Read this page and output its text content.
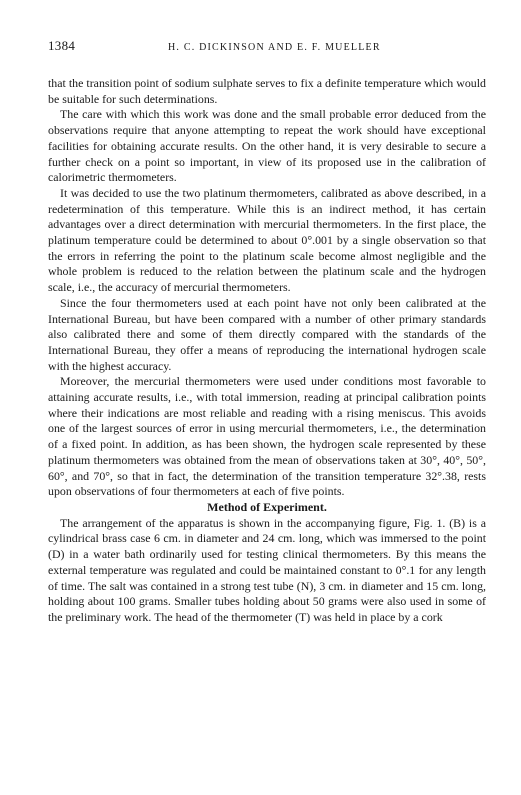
1384	H. C. DICKINSON AND E. F. MUELLER

that the transition point of sodium sulphate serves to fix a definite temperature which would be suitable for such determinations.

The care with which this work was done and the small probable error deduced from the observations require that anyone attempting to repeat the work should have exceptional facilities for obtaining accurate results. On the other hand, it is very desirable to secure a further check on a point so important, in view of its proposed use in the calibration of calorimetric thermometers.

It was decided to use the two platinum thermometers, calibrated as above described, in a redetermination of this temperature. While this is an indirect method, it has certain advantages over a direct determination with mercurial thermometers. In the first place, the platinum temperature could be determined to about 0°.001 by a single observation so that the errors in referring the point to the platinum scale become almost negligible and the whole problem is reduced to the relation between the platinum scale and the hydrogen scale, i.e., the accuracy of mercurial thermometers.

Since the four thermometers used at each point have not only been calibrated at the International Bureau, but have been compared with a number of other primary standards also calibrated there and some of them directly compared with the standards of the International Bureau, they offer a means of reproducing the international hydrogen scale with the highest accuracy.

Moreover, the mercurial thermometers were used under conditions most favorable to attaining accurate results, i.e., with total immersion, reading at principal calibration points where their indications are most reliable and reading with a rising meniscus. This avoids one of the largest sources of error in using mercurial thermometers, i.e., the determination of a fixed point. In addition, as has been shown, the hydrogen scale represented by these platinum thermometers was obtained from the mean of observations taken at 30°, 40°, 50°, 60°, and 70°, so that in fact, the determination of the transition temperature 32°.38, rests upon observations of four thermometers at each of five points.

Method of Experiment.

The arrangement of the apparatus is shown in the accompanying figure, Fig. 1. (B) is a cylindrical brass case 6 cm. in diameter and 24 cm. long, which was immersed to the point (D) in a water bath ordinarily used for testing clinical thermometers. By this means the external temperature was regulated and could be maintained constant to 0°.1 for any length of time. The salt was contained in a strong test tube (N), 3 cm. in diameter and 15 cm. long, holding about 100 grams. Smaller tubes holding about 50 grams were also used in some of the preliminary work. The head of the thermometer (T) was held in place by a cork
